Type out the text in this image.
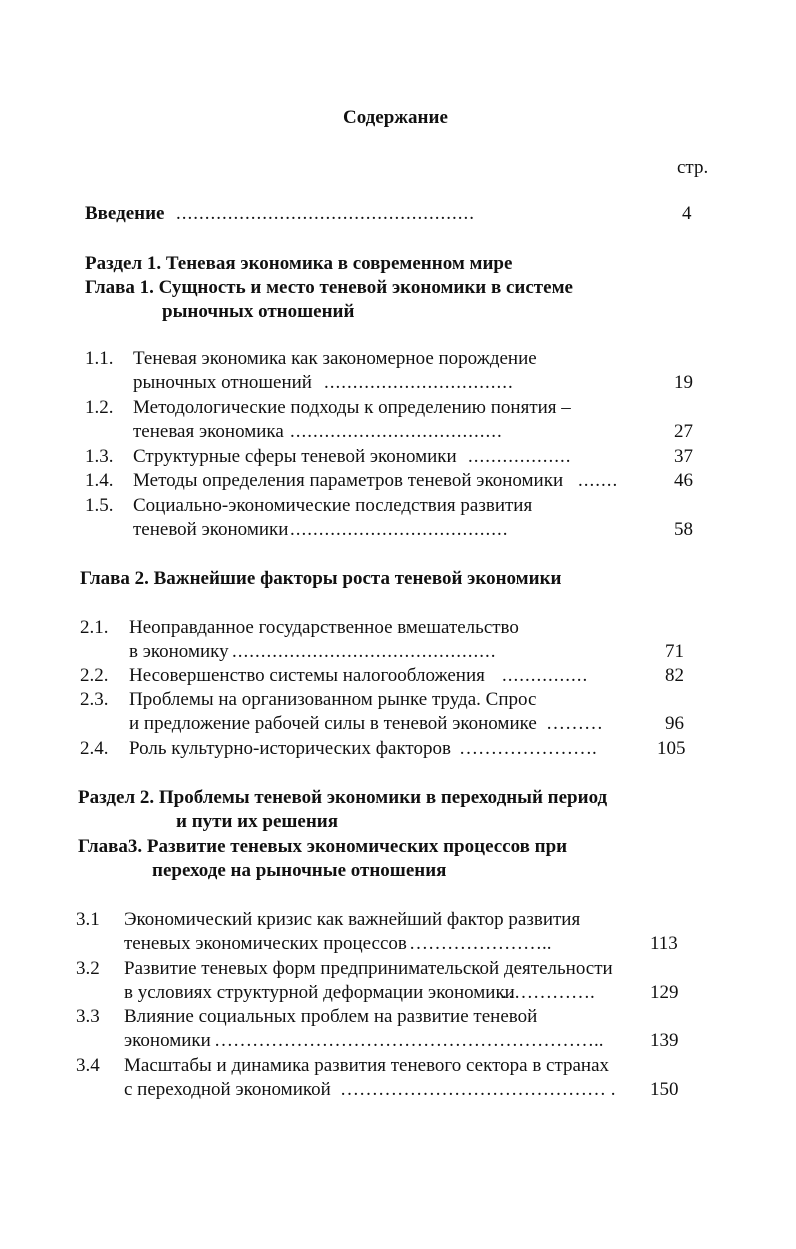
Содержание
стр.
Введение ....................................................	4
Раздел 1. Теневая экономика в современном мире
Глава 1. Сущность и место теневой экономики в системе
рыночных отношений
1.1. Теневая экономика как закономерное порождение
рыночных отношений .................................	19
1.2. Методологические подходы к определению понятия –
теневая экономика .....................................	27
1.3. Структурные сферы теневой экономики ..................	37
1.4. Методы определения параметров теневой экономики .......	46
1.5. Социально-экономические последствия развития
теневой экономики ......................................	58
Глава 2. Важнейшие факторы роста теневой экономики
2.1. Неоправданное государственное вмешательство
в экономику ..............................................	71
2.2. Несовершенство системы налогообложения ...............	82
2.3. Проблемы на организованном рынке труда. Спрос
и предложение рабочей силы в теневой экономике ………	96
2.4. Роль культурно-исторических факторов ………………….	105
Раздел 2. Проблемы теневой экономики в переходный период
и пути их решения
Глава3. Развитие теневых экономических процессов при
переходе на рыночные отношения
3.1 Экономический кризис как важнейший фактор развития
теневых экономических процессов …………………..	113
3.2 Развитие теневых форм предпринимательской деятельности
в условиях структурной деформации экономики
…………….	129
3.3 Влияние социальных проблем на развитие теневой
экономики …………………………………………………….. 139
3.4 Масштабы и динамика развития теневого сектора в странах
с переходной экономикой …………………………………… . 150
